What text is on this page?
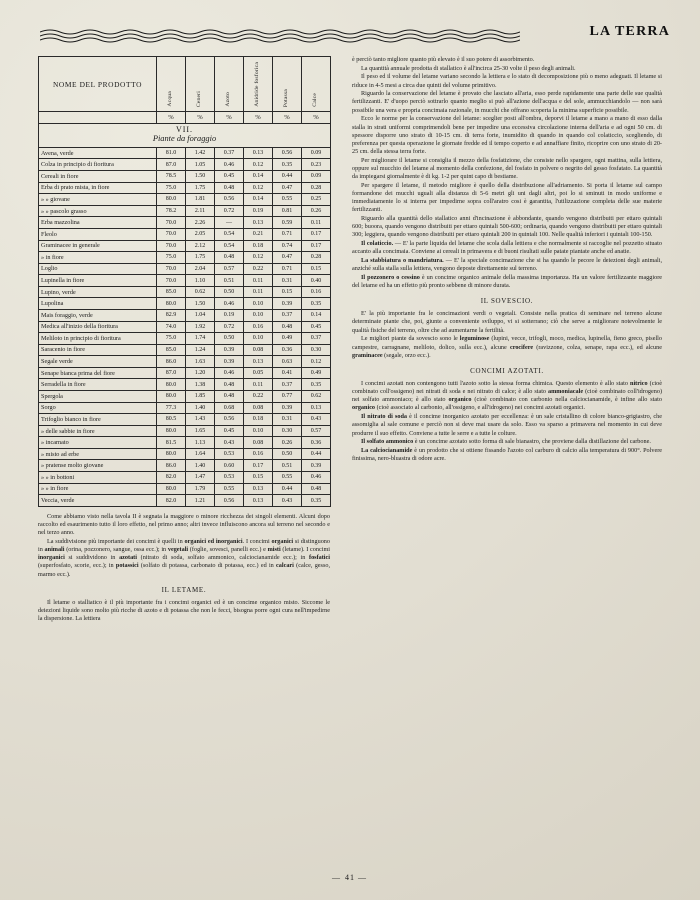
LA TERRA
NOME DEL PRODOTTO	Acqua	Ceneri	Azoto	Anidride fosforica	Potassa	Calce
	%	%	%	%	%	%

VII.
Piante da foraggio						

Avena, verde	81.0	1.42	0.37	0.13	0.56	0.09
Colza in principio di fioritura	87.0	1.05	0.46	0.12	0.35	0.23
Cereali in fiore	78.5	1.50	0.45	0.14	0.44	0.09
Erba di prato mista, in fiore	75.0	1.75	0.48	0.12	0.47	0.28
» » giovane	80.0	1.81	0.56	0.14	0.55	0.25
» » pascolo grasso	78.2	2.11	0.72	0.19	0.81	0.26
Erba mazzolina	70.0	2.26	—	0.13	0.59	0.11
Fleolo	70.0	2.05	0.54	0.21	0.71	0.17
Graminacee in generale	70.0	2.12	0.54	0.18	0.74	0.17
» in fiore	75.0	1.75	0.48	0.12	0.47	0.28
Loglio	70.0	2.04	0.57	0.22	0.71	0.15
Lupinella in fiore	70.0	1.10	0.51	0.11	0.31	0.40
Lupino, verde	85.0	0.62	0.50	0.11	0.15	0.16
Lupolina	80.0	1.50	0.46	0.10	0.39	0.35
Mais foraggio, verde	82.9	1.04	0.19	0.10	0.37	0.14
Medica all'inizio della fioritura	74.0	1.92	0.72	0.16	0.48	0.45
Meliloto in principio di fioritura	75.0	1.74	0.50	0.10	0.49	0.37
Saracenio in fiore	85.0	1.24	0.39	0.08	0.36	0.30
Segale verde	86.0	1.63	0.39	0.13	0.63	0.12
Senape bianca prima del fiore	87.0	1.20	0.46	0.05	0.41	0.49
Serradella in fiore	80.0	1.38	0.48	0.11	0.37	0.35
Spergola	80.0	1.85	0.48	0.22	0.77	0.62
Sorgo	77.3	1.40	0.68	0.08	0.39	0.13
Trifoglio bianco in fiore	80.5	1.43	0.56	0.18	0.31	0.43
» delle sabbie in fiore	80.0	1.65	0.45	0.10	0.30	0.57
» incarnato	81.5	1.13	0.43	0.08	0.26	0.36
» misto ad erbe	80.0	1.64	0.53	0.16	0.50	0.44
» pratense molto giovane	86.0	1.40	0.60	0.17	0.51	0.39
» » in bottoni	82.0	1.47	0.53	0.15	0.55	0.46
» » in fiore	80.0	1.79	0.55	0.13	0.44	0.48
Veccia, verde	82.0	1.21	0.56	0.13	0.43	0.35

Come abbiamo visto nella tavola II è segnata la maggiore o minore ricchezza dei singoli elementi. Alcuni dopo raccolto ed esaurimento tutto il loro effetto, nel primo anno; altri invece influiscono ancora sul terreno nel secondo e nel terzo anno.

La suddivisione più importante dei concimi è quelli in organici ed inorganici. I concimi organici si distinguono in animali (orina, pozzonero, sangue, ossa ecc.); in vegetali (foglie, sovesci, panelli ecc.) e misti (letame). I concimi inorganici si suddividono in azotati (nitrato di soda, solfato ammonico, calciocianamide ecc.); in fosfatici (superfosfato, scorie, ecc.); in potassici (solfato di potassa, carbonato di potassa, ecc.) ed in calcari (calce, gesso, marmo ecc.).

IL LETAME.

Il letame o stalliatico è il più importante fra i concimi organici ed è un concime organico misto. Siccome le deiezioni liquide sono molto più ricche di azoto e di potassa che non le fecci, bisogna porre ogni cura nell'impedirne la dispersione. La lettiera

è perciò tanto migliore quanto più elevato è il suo potere di assorbimento.

La quantità annuale prodotta di stallatico è all'incirca 25-30 volte il peso degli animali.

Il peso ed il volume del letame variano secondo la lettiera e lo stato di decomposizione più o meno adeguati. Il letame si riduce in 4-5 mesi a circa due quinti del volume primitivo.

Riguardo la conservazione del letame è provato che lasciato all'aria, esso perde rapidamente una parte delle sue qualità fertilizzanti. E' d'uopo perciò sottrarlo quanto meglio si può all'azione dell'acqua e del sole, ammucchiandolo — non sarà possibile una vera e propria concimaia razionale, in mucchi che offrano scoperta la minima superficie possibile.

Ecco le norme per la conservazione del letame: sceglier posti all'ombra, deporvi il letame a mano a mano di esso dalla stalla in strati uniformi comprimendoli bene per impedire una eccessiva circolazione interna dell'aria e ad ogni 50 cm. di spessore disporre uno strato di 10-15 cm. di terra forte, inumidito di quando in quando col colaticcio, scegliendo, di preferenza per questa operazione le giornate fredde ed il tempo coperto e ad annaffiare finito, ricoprire con uno strato di 20-25 cm. della stessa terra forte.

Per migliorare il letame si consiglia il mezzo della fosfatizione, che consiste nello spargere, ogni mattina, sulla lettiera, oppure sul mucchio del letame al momento della confezione, del fosfato in polvere o negrito del gesso fosfatato. La quantità da impiegarsi giornalmente è di kg. 1-2 per quint capo di bestiame.

Per spargere il letame, il metodo migliore è quello della distribuzione all'adriamento. Si porta il letame sul campo formandone dei mucchi uguali alla distanza di 5-6 metri gli uni dagli altri, poi lo si sminuti in modo uniforme e immediatamente lo si interra per impedirne sopra coll'aratro cosi è garantita, l'utilizzazione completa delle sue materie fertilizzanti.

Riguardo alla quantità dello stallatico anni d'incinazione è abbondante, quando vengono distribuiti per ettaro quintali 600; buoora, quando vengono distribuiti per ettaro quintali 500-600; ordinaria, quando vengono distribuiti per ettaro quintali 300; leggiera, quando vengono distribuiti per ettaro quintali 200 in quintali 100. Nelle qualità inferiori i quintali 100-150.

Il colaticcio. — E' la parte liquida del letame che scola dalla lettiera e che normalmente si raccoglie nel pozzetto situato accanto alla concimaia. Conviene ai cereali in primavera e di buoni risultati sulle patate piantate anche ed anatie.

La stabbiatura o mandriatura. — E' la speciale concimazione che si ha quando le pecore le deiezioni degli animali, anziché sulla stalla sulla lettiera, vengono deposte direttamente sul terreno.

Il pozzonero o cessino è un concime organico animale della massima importanza. Ha un valore fertilizzante maggiore del letame ed ha un effetto più pronto sebbene di minore durata.

IL SOVESCIO.

E' la più importante fra le concimazioni verdi o vegetali. Consiste nella pratica di seminare nel terreno alcune determinate piante che, poi, giunte a conveniente sviluppo, vi si sotterrano; ciò che serve a migliorare notevolmente le qualità fisiche del terreno, oltre che ad aumentarne la fertilità.

Le migliori piante da sovescio sono le leguminose (lupini, vecce, trifogli, moco, medica, lupinella, fieno greco, pisello campestre, carragnane, meliloto, dolico, sulla ecc.), alcune crocifere (ravizzone, colza, senape, rapa ecc.), ed alcune graminacee (segale, orzo ecc.).

CONCIMI AZOTATI.

I concimi azotati non contengono tutti l'azoto sotto la stessa forma chimica. Questo elemento è allo stato nitrico (cioè combinato coll'ossigeno) nei nitrati di soda e nei nitrato di calce; è allo stato ammoniacale (cioè combinato coll'idrogeno) nei solfato ammoniaco; è allo stato organico (cioè combinato con carbonio nella calciocianamide, è infine allo stato organico (cioè associato al carbonio, all'ossigeno, e all'idrogeno) nei concimi azotati organici.

Il nitrato di soda è il concime inorganico azotato per eccellenza: è un sale cristallino di colore bianco-grigiastro, che assomiglia al sale comune e perciò non si deve mai usare da solo. Esso va sparso a primavera nel momento in cui deve produrre il suo effetto. Conviene a tutte le serre e a tutte le colture.

Il solfato ammonico è un concime azotato sotto forma di sale bianastro, che proviene dalla distillazione del carbone.

La calciocianamide è un prodotto che si ottiene fissando l'azoto col carburo di calcio alla temperatura di 900°. Polvere finissima, nero-bluastra di odore acre.

— 41 —
